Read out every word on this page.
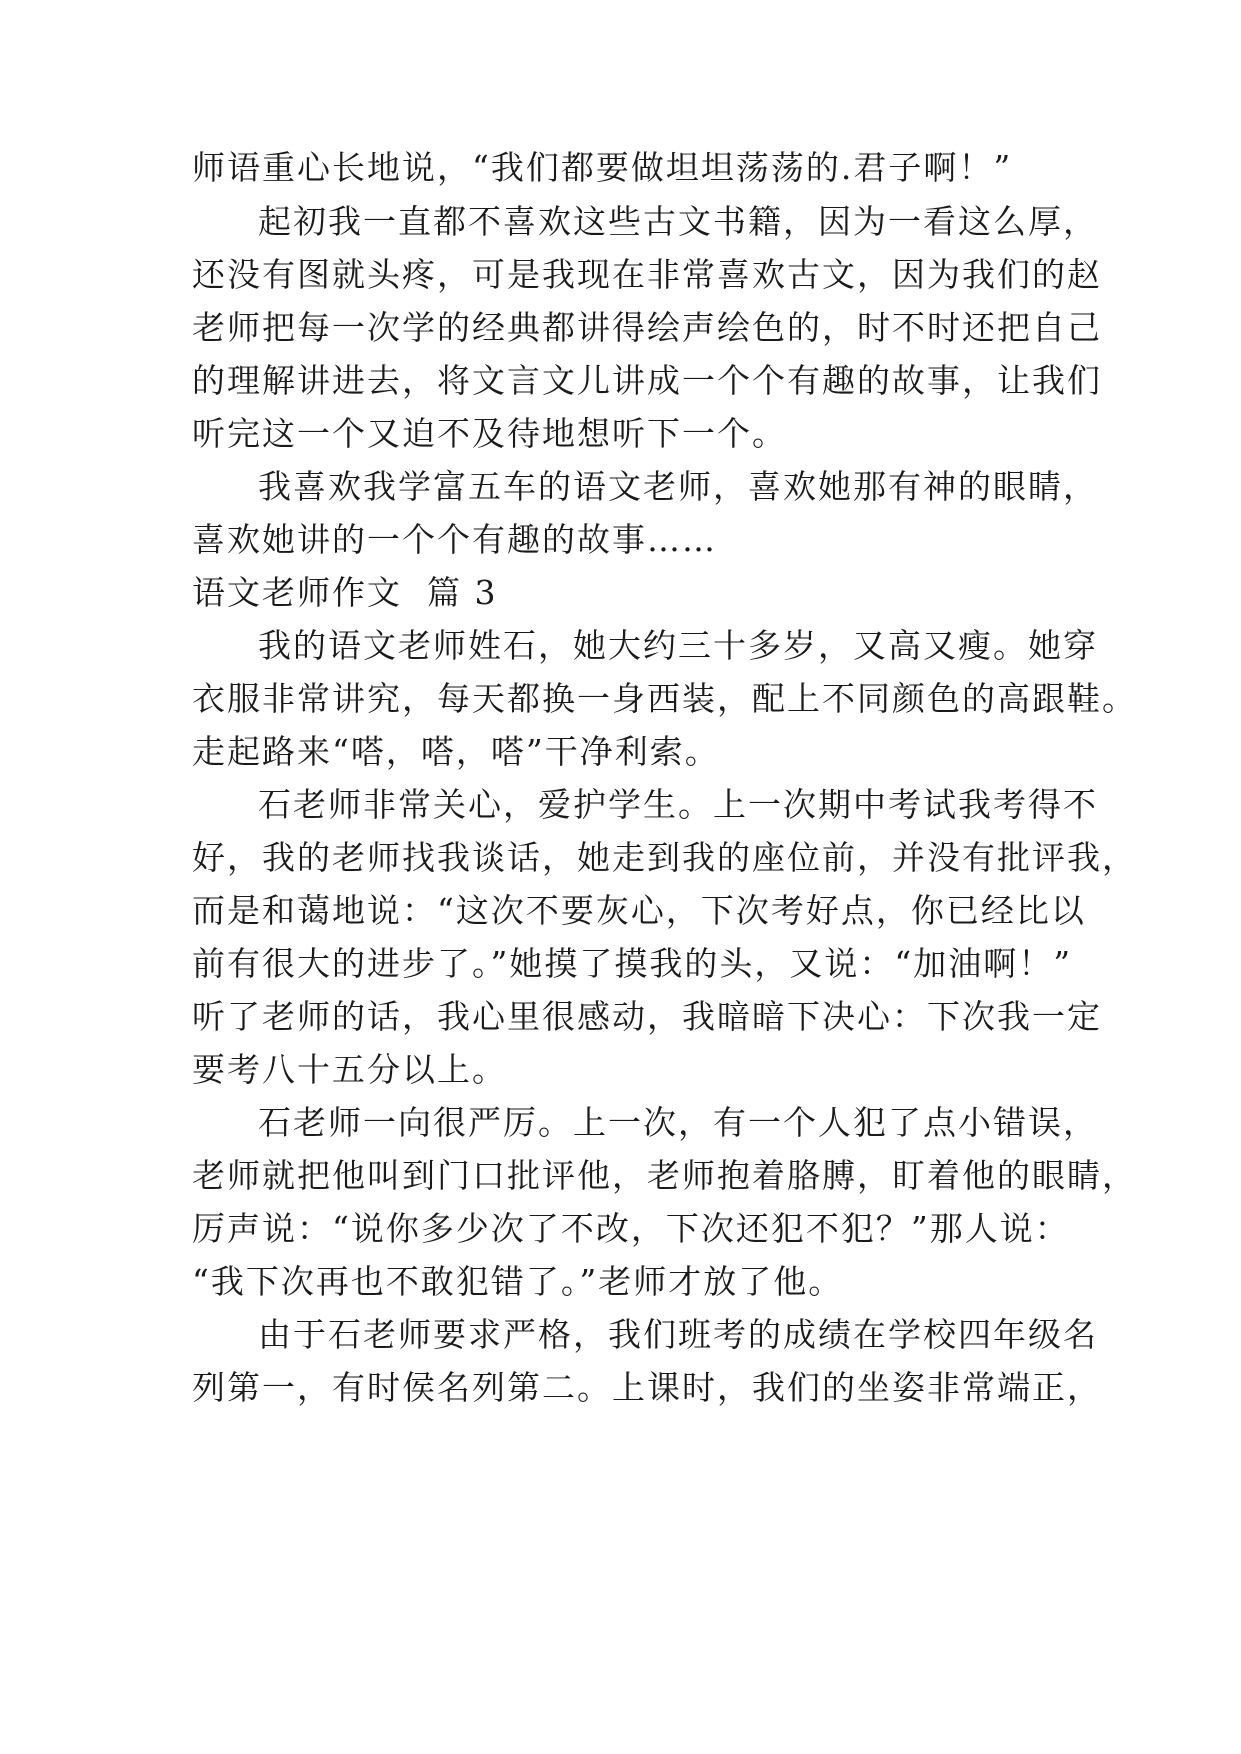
师语重心长地说，“我们都要做坦坦荡荡的.君子啊！”
起初我一直都不喜欢这些古文书籍，因为一看这么厚，
还没有图就头疼，可是我现在非常喜欢古文，因为我们的赵
老师把每一次学的经典都讲得绘声绘色的，时不时还把自己
的理解讲进去，将文言文儿讲成一个个有趣的故事，让我们
听完这一个又迫不及待地想听下一个。
我喜欢我学富五车的语文老师，喜欢她那有神的眼睛，
喜欢她讲的一个个有趣的故事……
语文老师作文  篇 3
我的语文老师姓石，她大约三十多岁，又高又瘦。她穿
衣服非常讲究，每天都换一身西装，配上不同颜色的高跟鞋。
走起路来“嗒，嗒，嗒”干净利索。
石老师非常关心，爱护学生。上一次期中考试我考得不
好，我的老师找我谈话，她走到我的座位前，并没有批评我，
而是和蔼地说：“这次不要灰心，下次考好点，你已经比以
前有很大的进步了。”她摸了摸我的头，又说：“加油啊！”
听了老师的话，我心里很感动，我暗暗下决心：下次我一定
要考八十五分以上。
石老师一向很严厉。上一次，有一个人犯了点小错误，
老师就把他叫到门口批评他，老师抱着胳膊，盯着他的眼睛，
厉声说：“说你多少次了不改，下次还犯不犯？”那人说：
“我下次再也不敢犯错了。”老师才放了他。
由于石老师要求严格，我们班考的成绩在学校四年级名
列第一，有时侯名列第二。上课时，我们的坐姿非常端正，
